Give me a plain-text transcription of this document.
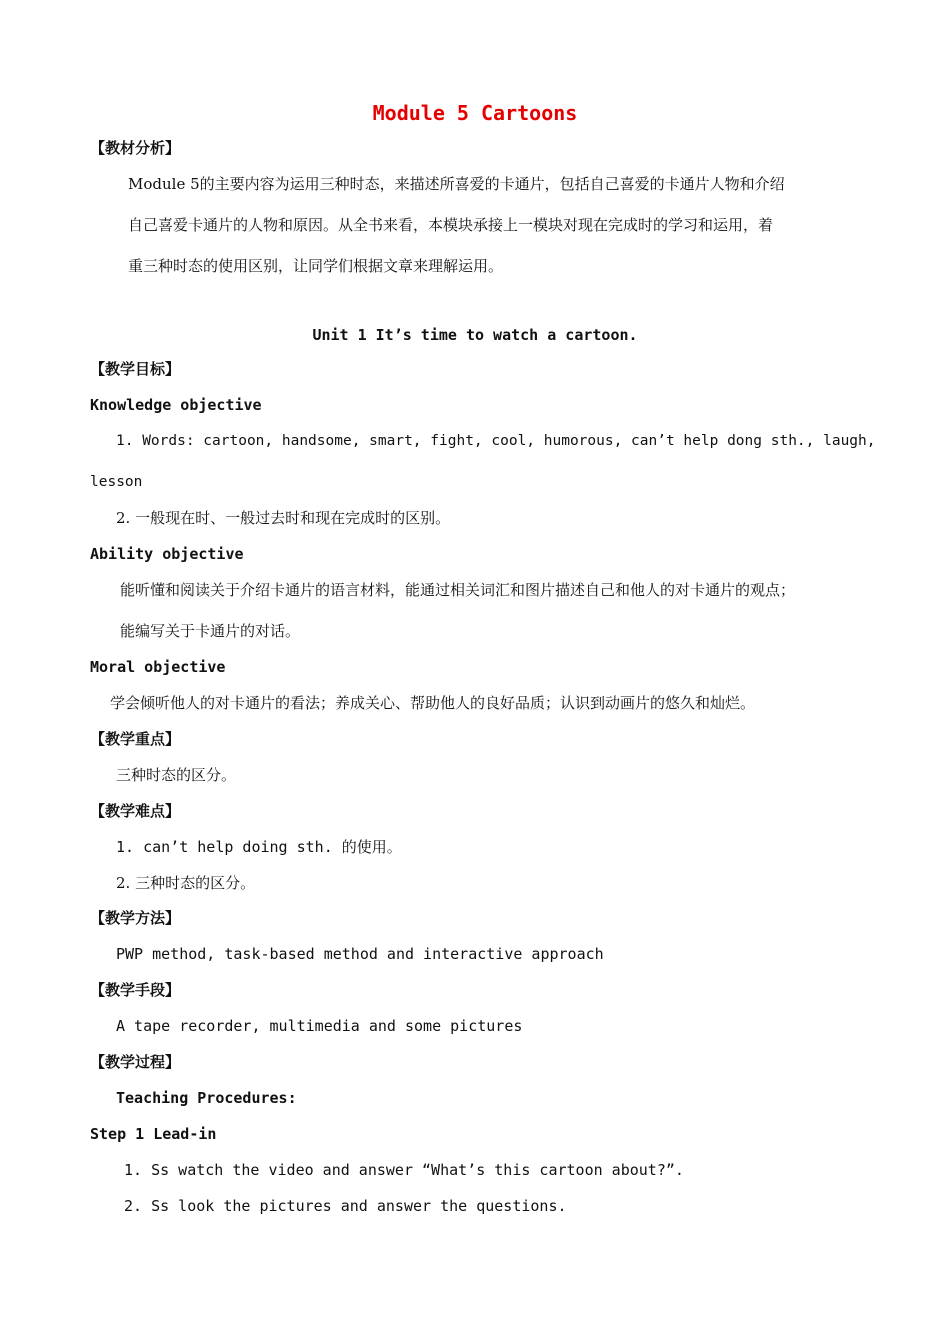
Module 5 Cartoons
【教材分析】
Module 5的主要内容为运用三种时态，来描述所喜爱的卡通片，包括自己喜爱的卡通片人物和介绍
自己喜爱卡通片的人物和原因。从全书来看，本模块承接上一模块对现在完成时的学习和运用，着
重三种时态的使用区别，让同学们根据文章来理解运用。
Unit 1 It’s time to watch a cartoon.
【教学目标】
Knowledge objective
1. Words: cartoon, handsome, smart, fight, cool, humorous, can’t help dong sth., laugh,
lesson
2. 一般现在时、一般过去时和现在完成时的区别。
Ability objective
能听懂和阅读关于介绍卡通片的语言材料，能通过相关词汇和图片描述自己和他人的对卡通片的观点；
能编写关于卡通片的对话。
Moral objective
学会倾听他人的对卡通片的看法；养成关心、帮助他人的良好品质；认识到动画片的悠久和灿烂。
【教学重点】
三种时态的区分。
【教学难点】
1. can’t help doing sth. 的使用。
2. 三种时态的区分。
【教学方法】
PWP method, task-based method and interactive approach
【教学手段】
A tape recorder, multimedia and some pictures
【教学过程】
Teaching Procedures:
Step 1 Lead-in
1. Ss watch the video and answer “What’s this cartoon about?”.
2. Ss look the pictures and answer the questions.
